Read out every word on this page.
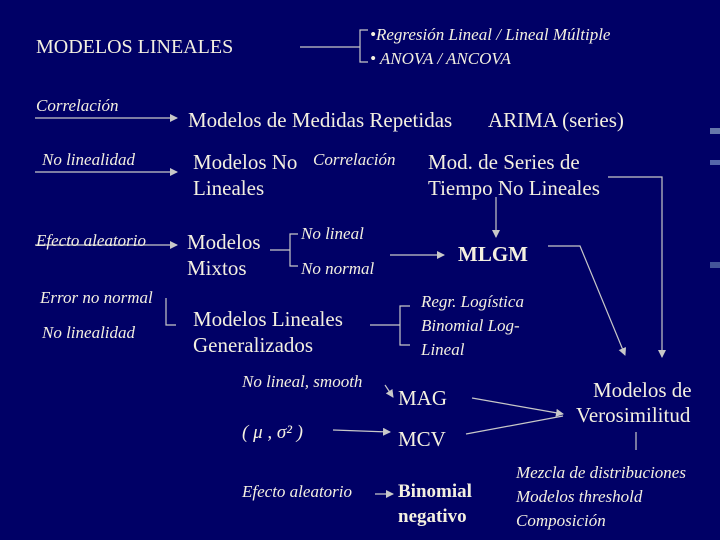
MODELOS LINEALES
•Regresión Lineal / Lineal Múltiple
• ANOVA / ANCOVA
Correlación
No linealidad
Efecto aleatorio
Error no normal
No linealidad
Modelos de Medidas Repetidas ARIMA (series)
Modelos No Correlación
Lineales
Mod. de Series de
Tiempo No Lineales
Modelos
Mixtos
No lineal
No normal
MLGM
Modelos Lineales
Generalizados
Regr. Logística
Binomial Log-
Lineal
No lineal, smooth
( μ , σ² )
Efecto aleatorio
MAG
MCV
Binomial
negativo
Modelos de
Verosimilitud
Mezcla de distribuciones
Modelos threshold
Composición
